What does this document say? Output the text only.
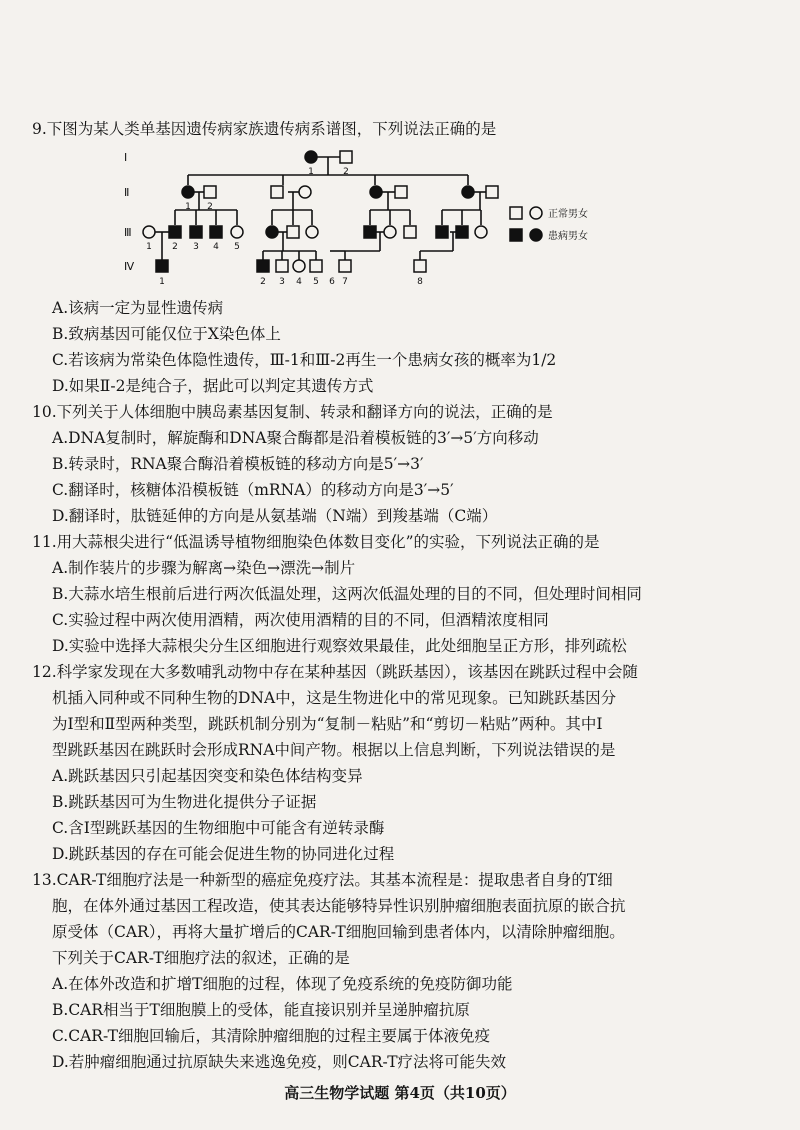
9.下图为某人类单基因遗传病家族遗传病系谱图，下列说法正确的是
Ⅰ
Ⅱ
Ⅲ
Ⅳ
1	2
1 2
1 2 3 4 5
1	2 3 4 5 6 7	8
正常男女
患病男女
A.该病一定为显性遗传病
B.致病基因可能仅位于X染色体上
C.若该病为常染色体隐性遗传，Ⅲ-1和Ⅲ-2再生一个患病女孩的概率为1/2
D.如果Ⅱ-2是纯合子，据此可以判定其遗传方式
10.下列关于人体细胞中胰岛素基因复制、转录和翻译方向的说法，正确的是
A.DNA复制时，解旋酶和DNA聚合酶都是沿着模板链的3′→5′方向移动
B.转录时，RNA聚合酶沿着模板链的移动方向是5′→3′
C.翻译时，核糖体沿模板链（mRNA）的移动方向是3′→5′
D.翻译时，肽链延伸的方向是从氨基端（N端）到羧基端（C端）
11.用大蒜根尖进行“低温诱导植物细胞染色体数目变化”的实验，下列说法正确的是
A.制作装片的步骤为解离→染色→漂洗→制片
B.大蒜水培生根前后进行两次低温处理，这两次低温处理的目的不同，但处理时间相同
C.实验过程中两次使用酒精，两次使用酒精的目的不同，但酒精浓度相同
D.实验中选择大蒜根尖分生区细胞进行观察效果最佳，此处细胞呈正方形，排列疏松
12.科学家发现在大多数哺乳动物中存在某种基因（跳跃基因），该基因在跳跃过程中会随
机插入同种或不同种生物的DNA中，这是生物进化中的常见现象。已知跳跃基因分
为Ⅰ型和Ⅱ型两种类型，跳跃机制分别为“复制－粘贴”和“剪切－粘贴”两种。其中Ⅰ
型跳跃基因在跳跃时会形成RNA中间产物。根据以上信息判断，下列说法错误的是
A.跳跃基因只引起基因突变和染色体结构变异
B.跳跃基因可为生物进化提供分子证据
C.含Ⅰ型跳跃基因的生物细胞中可能含有逆转录酶
D.跳跃基因的存在可能会促进生物的协同进化过程
13.CAR-T细胞疗法是一种新型的癌症免疫疗法。其基本流程是：提取患者自身的T细
胞，在体外通过基因工程改造，使其表达能够特异性识别肿瘤细胞表面抗原的嵌合抗
原受体（CAR），再将大量扩增后的CAR-T细胞回输到患者体内，以清除肿瘤细胞。
下列关于CAR-T细胞疗法的叙述，正确的是
A.在体外改造和扩增T细胞的过程，体现了免疫系统的免疫防御功能
B.CAR相当于T细胞膜上的受体，能直接识别并呈递肿瘤抗原
C.CAR-T细胞回输后，其清除肿瘤细胞的过程主要属于体液免疫
D.若肿瘤细胞通过抗原缺失来逃逸免疫，则CAR-T疗法将可能失效
高三生物学试题 第4页（共10页）
